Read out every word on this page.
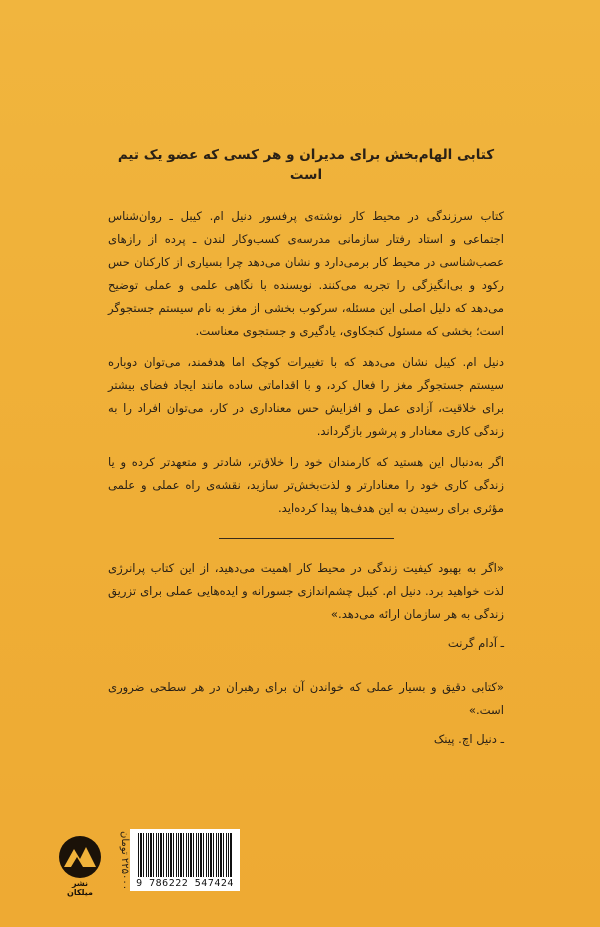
کتابی الهام‌بخش برای مدیران و هر کسی که عضو یک تیم است

کتاب سرزندگی در محیط کار نوشته‌ی پرفسور دنیل ام. کیبل ـ روان‌شناس اجتماعی و استاد رفتار سازمانی مدرسه‌ی کسب‌وکار لندن ـ پرده از رازهای عصب‌شناسی در محیط کار برمی‌دارد و نشان می‌دهد چرا بسیاری از کارکنان حس رکود و بی‌انگیزگی را تجربه می‌کنند. نویسنده با نگاهی علمی و عملی توضیح می‌دهد که دلیل اصلی این مسئله، سرکوب بخشی از مغز به نام سیستم جستجوگر است؛ بخشی که مسئول کنجکاوی، یادگیری و جستجوی معناست.

دنیل ام. کیبل نشان می‌دهد که با تغییرات کوچک اما هدفمند، می‌توان دوباره سیستم جستجوگر مغز را فعال کرد، و با اقداماتی ساده مانند ایجاد فضای بیشتر برای خلاقیت، آزادی عمل و افزایش حس معناداری در کار، می‌توان افراد را به زندگی کاری معنادار و پرشور بازگرداند.

اگر به‌دنبال این هستید که کارمندان خود را خلاق‌تر، شادتر و متعهدتر کرده و یا زندگی کاری خود را معنادارتر و لذت‌بخش‌تر سازید، نقشه‌ی راه عملی و علمی مؤثری برای رسیدن به این هدف‌ها پیدا کرده‌اید.

«اگر به بهبود کیفیت زندگی در محیط کار اهمیت می‌دهید، از این کتاب پرانرژی لذت خواهید برد. دنیل ام. کیبل چشم‌اندازی جسورانه و ایده‌هایی عملی برای تزریق زندگی به هر سازمان ارائه می‌دهد.»

ـ آدام گرنت

«کتابی دقیق و بسیار عملی که خواندن آن برای رهبران در هر سطحی ضروری است.»

ـ دنیل اچ. پینک

نشر میلکان
۲۲۵۰۰۰ تومان 9 786222 547424
